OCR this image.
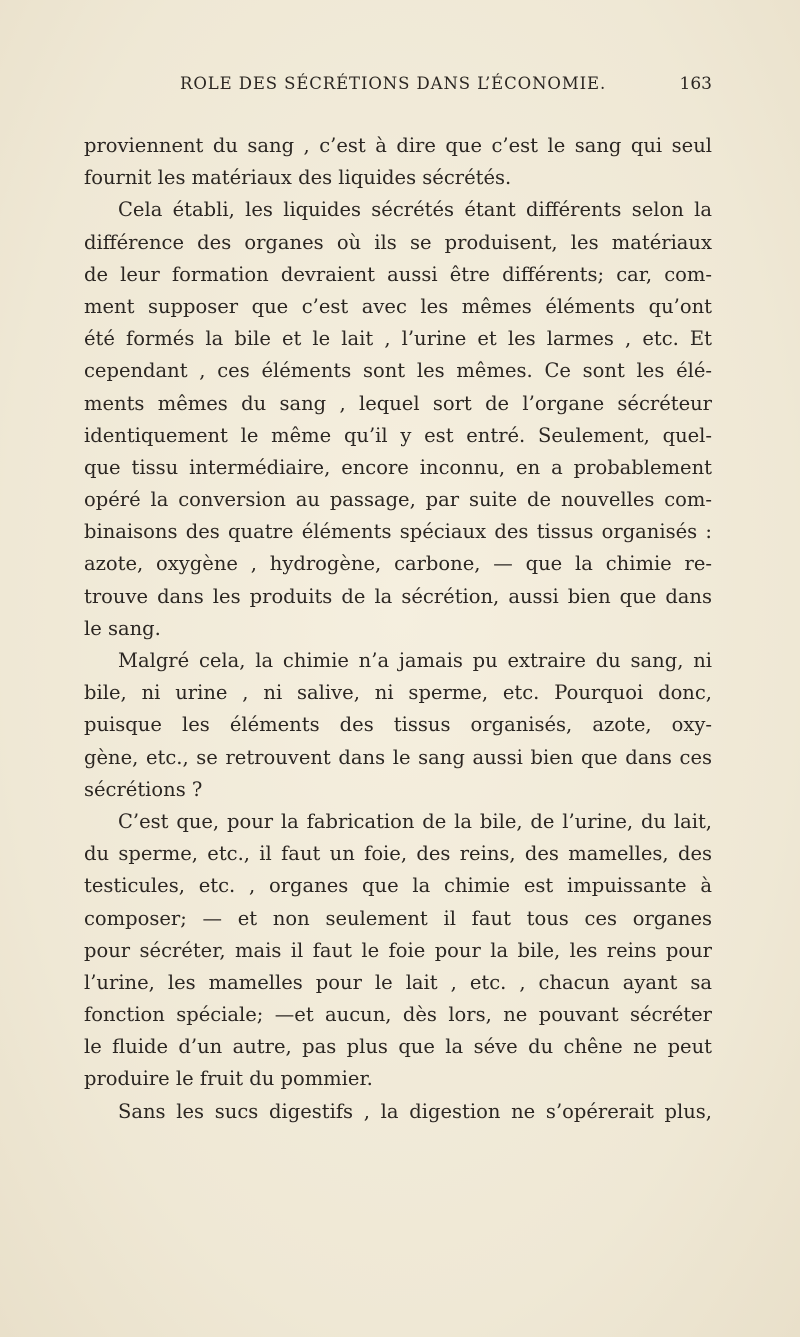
ROLE DES SÉCRÉTIONS DANS L’ÉCONOMIE.	163
proviennent du sang , c’est à dire que c’est le sang qui seul
fournit les matériaux des liquides sécrétés.
Cela établi, les liquides sécrétés étant différents selon la
différence des organes où ils se produisent, les matériaux
de leur formation devraient aussi être différents; car, com-
ment supposer que c’est avec les mêmes éléments qu’ont
été formés la bile et le lait , l’urine et les larmes , etc. Et
cependant , ces éléments sont les mêmes. Ce sont les élé-
ments mêmes du sang , lequel sort de l’organe sécréteur
identiquement le même qu’il y est entré. Seulement, quel-
que tissu intermédiaire, encore inconnu, en a probablement
opéré la conversion au passage, par suite de nouvelles com-
binaisons des quatre éléments spéciaux des tissus organisés :
azote, oxygène , hydrogène, carbone, — que la chimie re-
trouve dans les produits de la sécrétion, aussi bien que dans
le sang.
Malgré cela, la chimie n’a jamais pu extraire du sang, ni
bile, ni urine , ni salive, ni sperme, etc. Pourquoi donc,
puisque les éléments des tissus organisés, azote, oxy-
gène, etc., se retrouvent dans le sang aussi bien que dans ces
sécrétions ?
C’est que, pour la fabrication de la bile, de l’urine, du lait,
du sperme, etc., il faut un foie, des reins, des mamelles, des
testicules, etc. , organes que la chimie est impuissante à
composer; — et non seulement il faut tous ces organes
pour sécréter, mais il faut le foie pour la bile, les reins pour
l’urine, les mamelles pour le lait , etc. , chacun ayant sa
fonction spéciale; —et aucun, dès lors, ne pouvant sécréter
le fluide d’un autre, pas plus que la séve du chêne ne peut
produire le fruit du pommier.
Sans les sucs digestifs , la digestion ne s’opérerait plus,
